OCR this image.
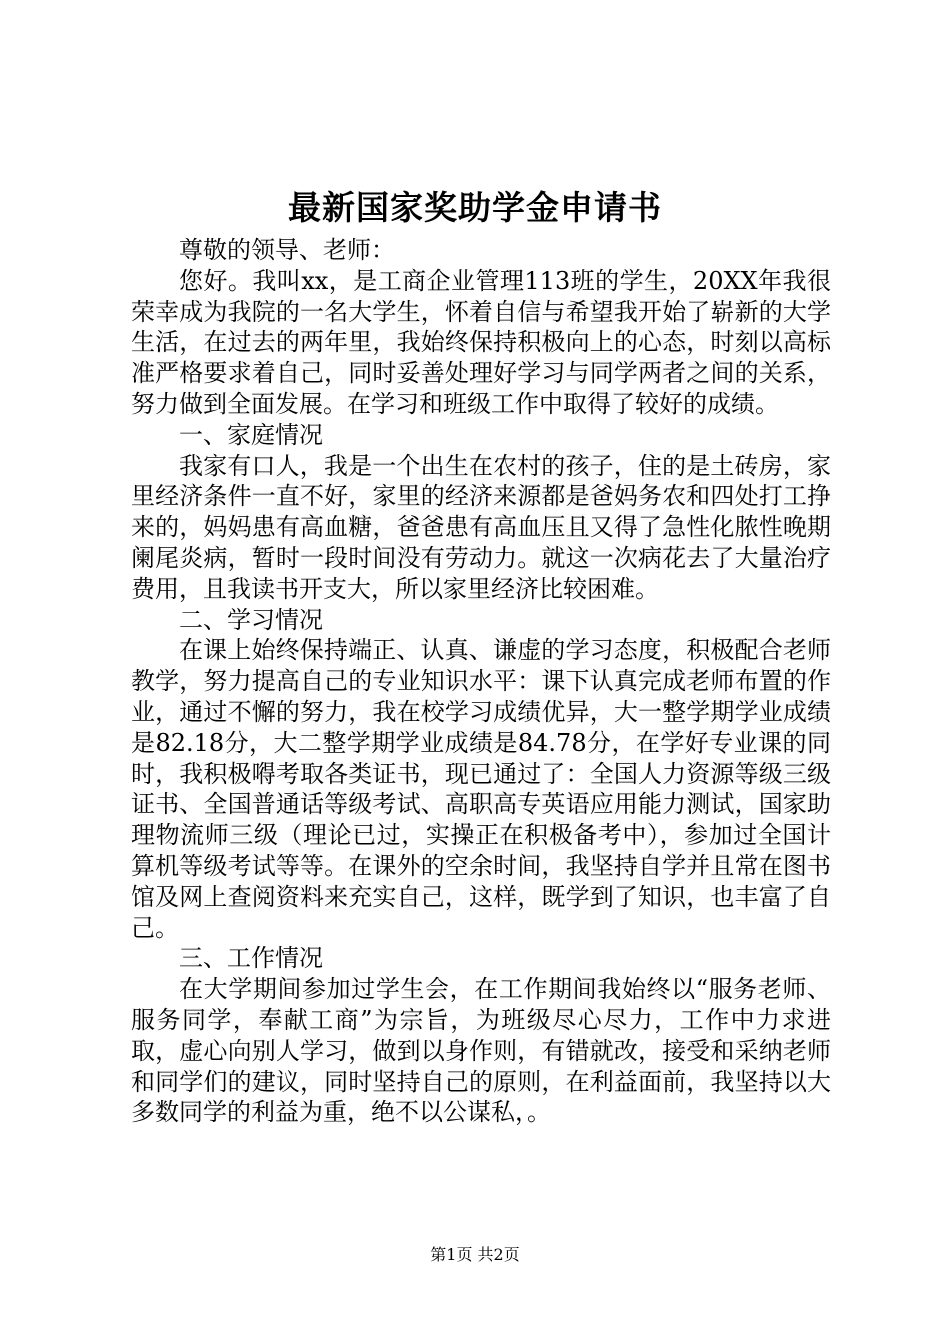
最新国家奖助学金申请书

尊敬的领导、老师：

您好。我叫xx，是工商企业管理113班的学生，20XX年我很荣幸成为我院的一名大学生，怀着自信与希望我开始了崭新的大学生活，在过去的两年里，我始终保持积极向上的心态，时刻以高标准严格要求着自己，同时妥善处理好学习与同学两者之间的关系，努力做到全面发展。在学习和班级工作中取得了较好的成绩。

一、家庭情况

我家有口人，我是一个出生在农村的孩子，住的是土砖房，家里经济条件一直不好，家里的经济来源都是爸妈务农和四处打工挣来的，妈妈患有高血糖，爸爸患有高血压且又得了急性化脓性晚期阑尾炎病，暂时一段时间没有劳动力。就这一次病花去了大量治疗费用，且我读书开支大，所以家里经济比较困难。

二、学习情况

在课上始终保持端正、认真、谦虚的学习态度，积极配合老师教学，努力提高自己的专业知识水平：课下认真完成老师布置的作业，通过不懈的努力，我在校学习成绩优异，大一整学期学业成绩是82.18分，大二整学期学业成绩是84.78分，在学好专业课的同时，我积极嘚考取各类证书，现已通过了：全国人力资源等级三级证书、全国普通话等级考试、高职高专英语应用能力测试，国家助理物流师三级（理论已过，实操正在积极备考中），参加过全国计算机等级考试等等。在课外的空余时间，我坚持自学并且常在图书馆及网上查阅资料来充实自己，这样，既学到了知识，也丰富了自己。

三、工作情况

在大学期间参加过学生会，在工作期间我始终以“服务老师、服务同学，奉献工商”为宗旨，为班级尽心尽力，工作中力求进取，虚心向别人学习，做到以身作则，有错就改，接受和采纳老师和同学们的建议，同时坚持自己的原则，在利益面前，我坚持以大多数同学的利益为重，绝不以公谋私，。

第1页 共2页
